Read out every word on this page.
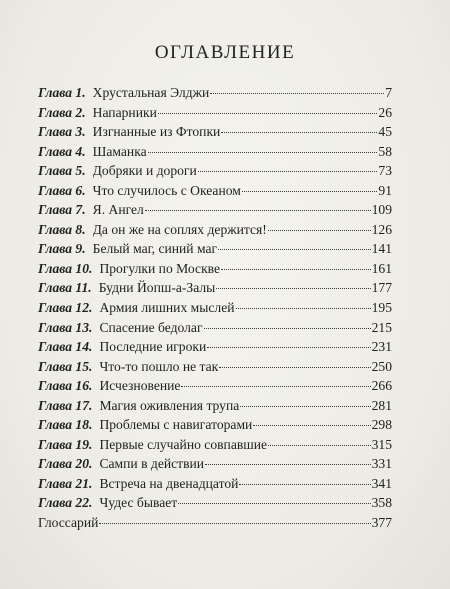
ОГЛАВЛЕНИЕ
Глава 1. Хрустальная Элджи	7
Глава 2. Напарники	26
Глава 3. Изгнанные из Фтопки	45
Глава 4. Шаманка	58
Глава 5. Добряки и дороги	73
Глава 6. Что случилось с Океаном	91
Глава 7. Я. Ангел	109
Глава 8. Да он же на соплях держится!	126
Глава 9. Белый маг, синий маг	141
Глава 10. Прогулки по Москве	161
Глава 11. Будни Йопш-а-Залы	177
Глава 12. Армия лишних мыслей	195
Глава 13. Спасение бедолаг	215
Глава 14. Последние игроки	231
Глава 15. Что-то пошло не так	250
Глава 16. Исчезновение	266
Глава 17. Магия оживления трупа	281
Глава 18. Проблемы с навигаторами	298
Глава 19. Первые случайно совпавшие	315
Глава 20. Сампи в действии	331
Глава 21. Встреча на двенадцатой	341
Глава 22. Чудес бывает	358
Глоссарий	377
